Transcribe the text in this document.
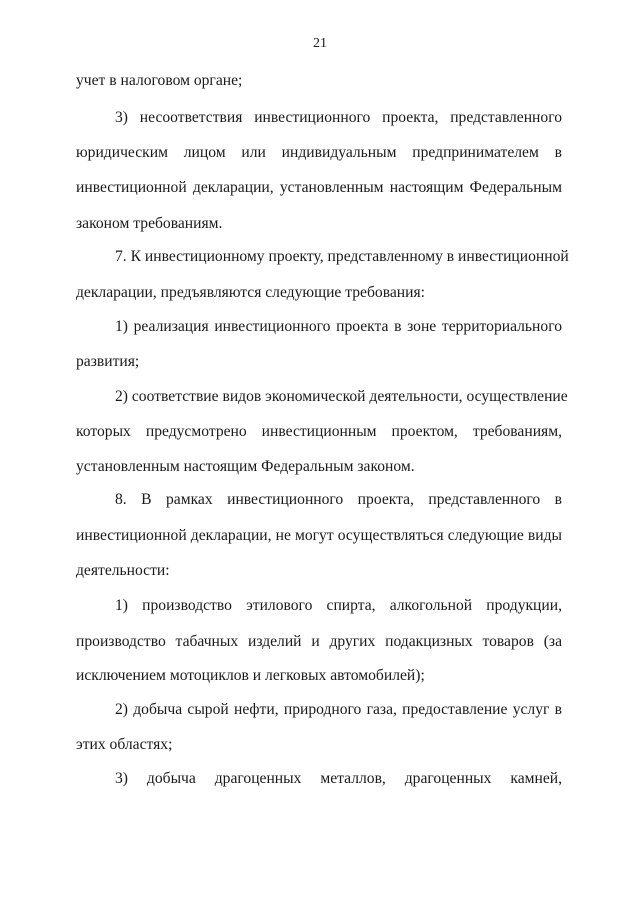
21
учет в налоговом органе;
3) несоответствия инвестиционного проекта, представленного
юридическим лицом или индивидуальным предпринимателем в
инвестиционной декларации, установленным настоящим Федеральным
законом требованиям.
7. К инвестиционному проекту, представленному в инвестиционной
декларации, предъявляются следующие требования:
1) реализация инвестиционного проекта в зоне территориального
развития;
2) соответствие видов экономической деятельности, осуществление
которых предусмотрено инвестиционным проектом, требованиям,
установленным настоящим Федеральным законом.
8. В рамках инвестиционного проекта, представленного в
инвестиционной декларации, не могут осуществляться следующие виды
деятельности:
1) производство этилового спирта, алкогольной продукции,
производство табачных изделий и других подакцизных товаров (за
исключением мотоциклов и легковых автомобилей);
2) добыча сырой нефти, природного газа, предоставление услуг в
этих областях;
3) добыча драгоценных металлов, драгоценных камней,
